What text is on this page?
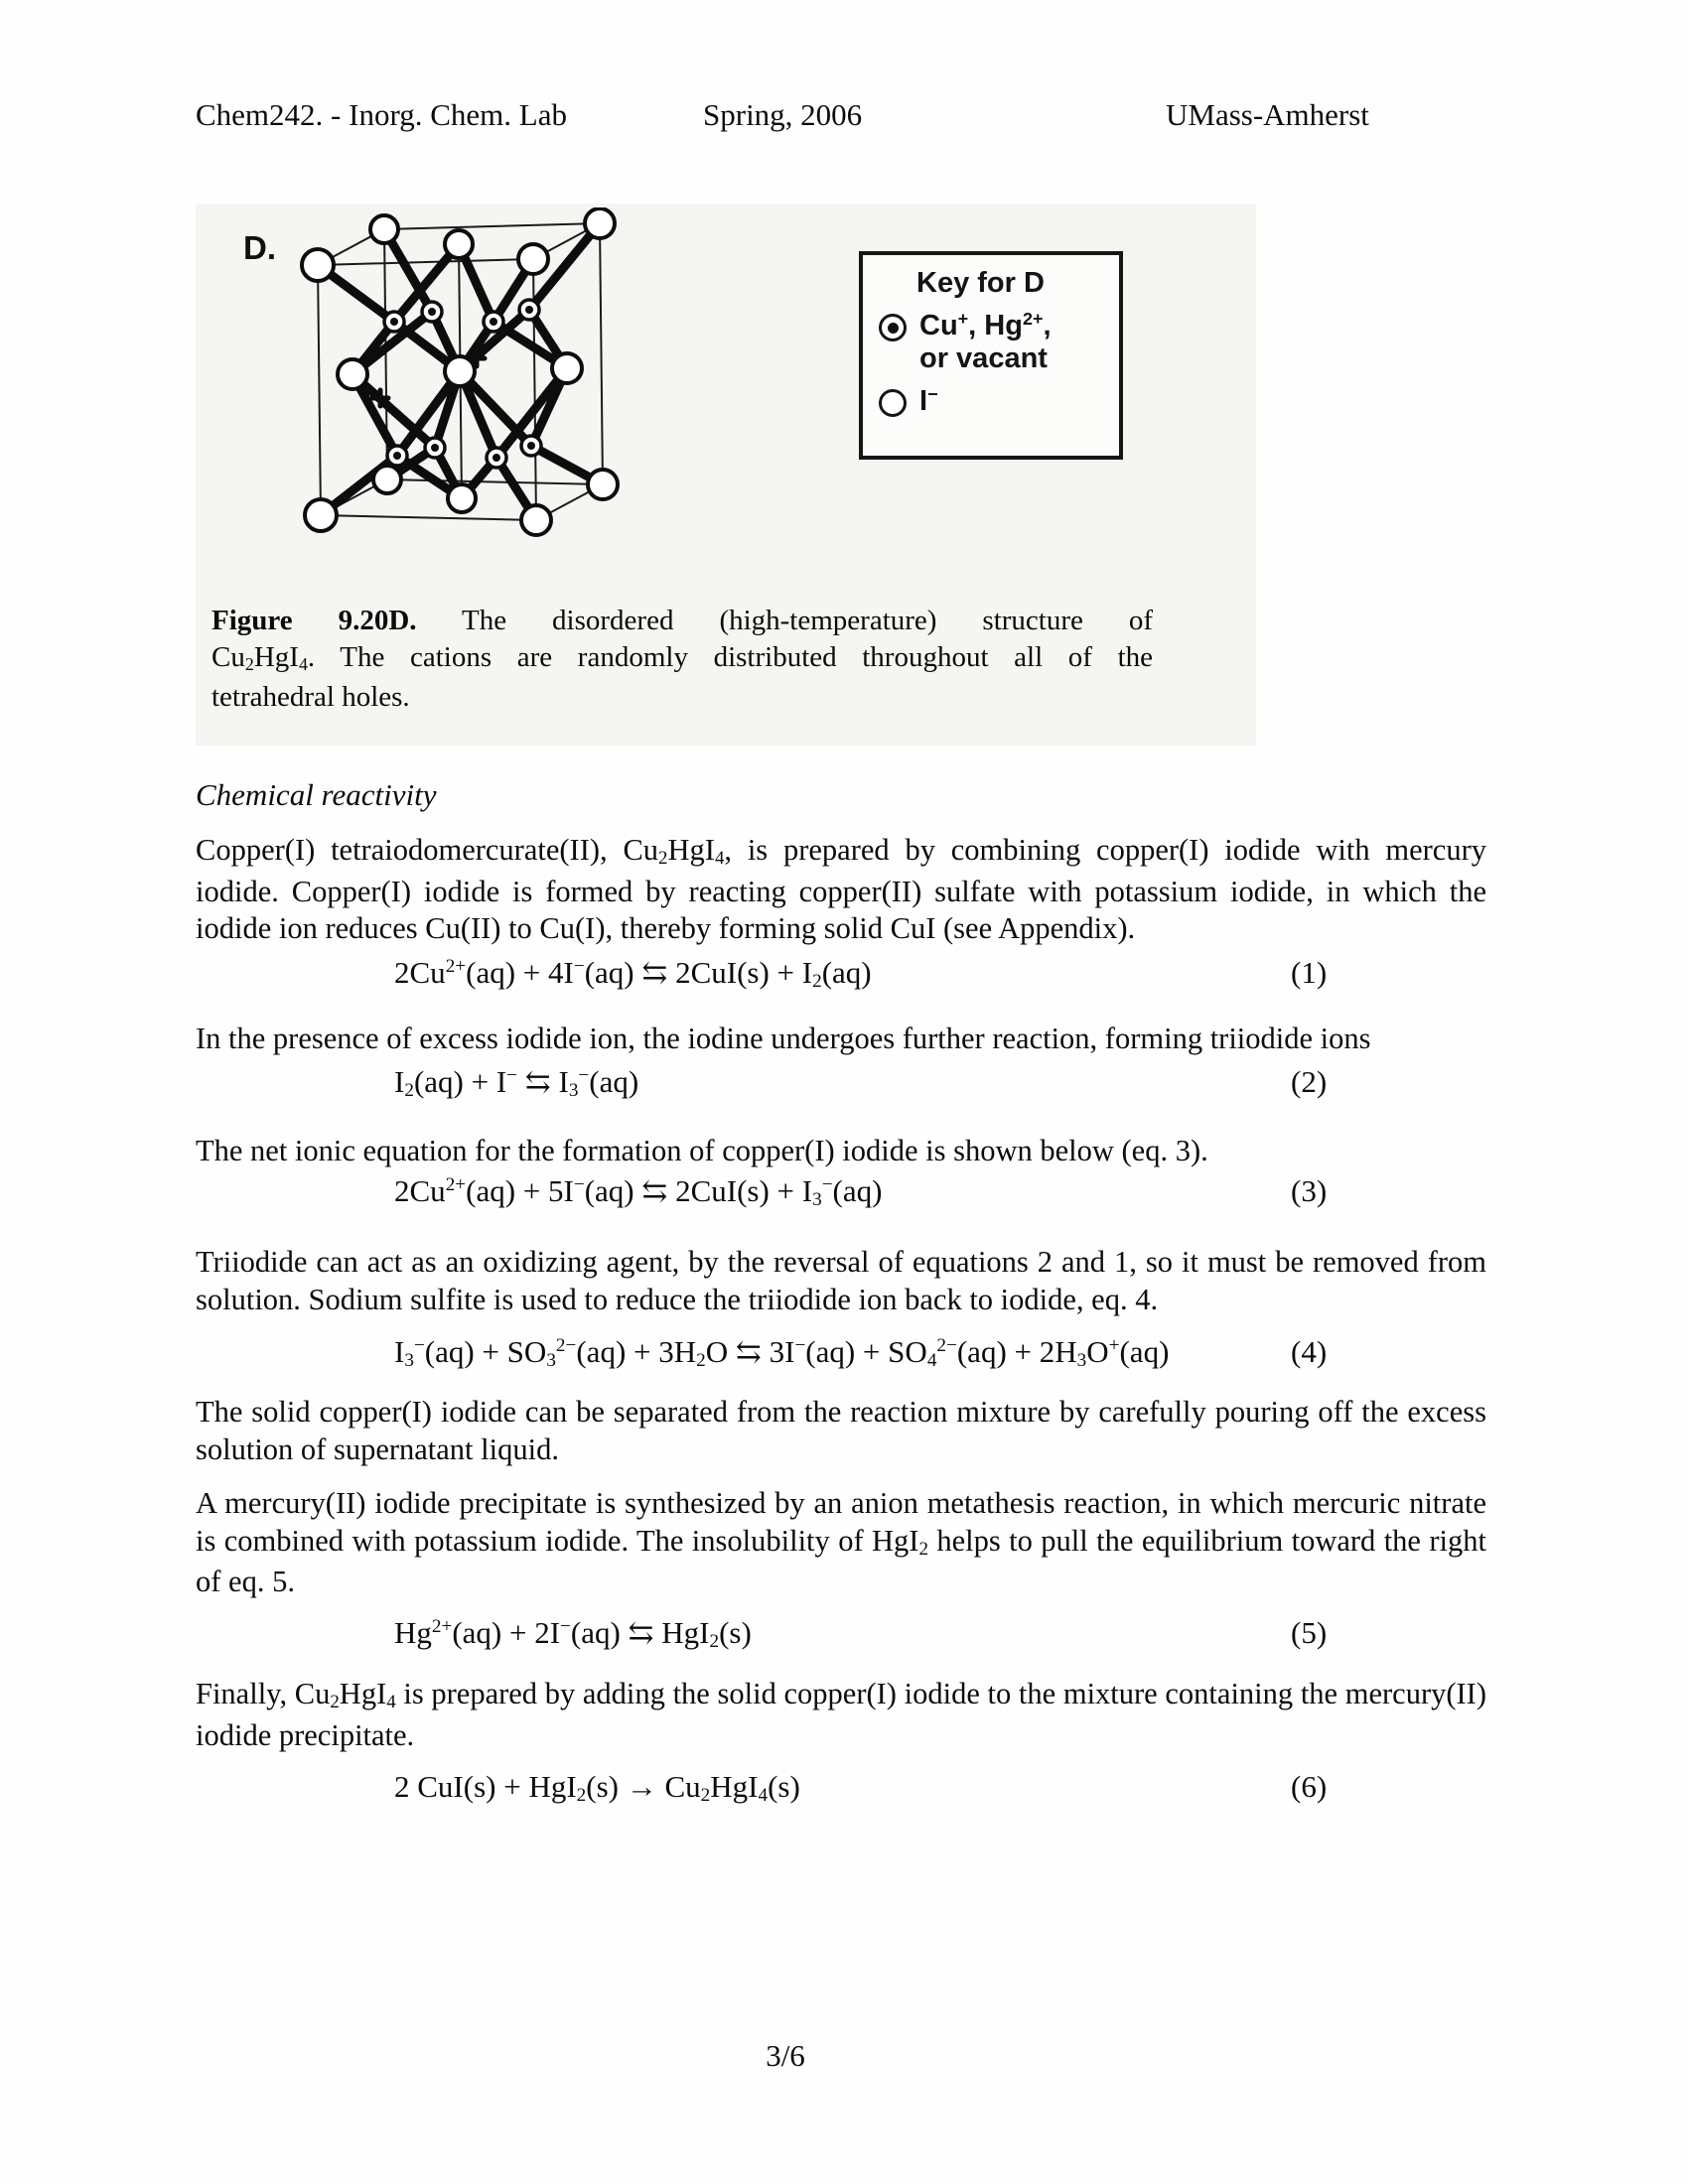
Chem242. - Inorg. Chem. Lab	Spring, 2006	UMass-Amherst
D.
Key for D
Cu+, $Hg^{2+}$,
or vacant
I−
Figure 9.20D. The disordered (high-temperature) structure of
$Cu_2HgI_4$. The cations are randomly distributed throughout all of the
tetrahedral holes.
Chemical reactivity
Copper(I) tetraiodomercurate(II), $Cu_2HgI_4$, is prepared by combining copper(I) iodide with mercury iodide. Copper(I) iodide is formed by reacting copper(II) sulfate with potassium iodide, in which the iodide ion reduces Cu(II) to Cu(I), thereby forming solid CuI (see Appendix).
$2Cu^{2+}(aq) + 4I^-(aq)$ ⇆ $2CuI(s) + I_2(aq)$	(1)
In the presence of excess iodide ion, the iodine undergoes further reaction, forming triiodide ions
$I_2(aq) + I^-$ ⇆ $I_3^-(aq)$	(2)
The net ionic equation for the formation of copper(I) iodide is shown below (eq. 3).
$2Cu^{2+}(aq) + 5I^-(aq)$ ⇆ $2CuI(s) + I_3^-(aq)$	(3)
Triiodide can act as an oxidizing agent, by the reversal of equations 2 and 1, so it must be removed from solution. Sodium sulfite is used to reduce the triiodide ion back to iodide, eq. 4.
$I_3^-(aq) + SO_3^{2-}(aq) + 3H_2O$ ⇆ $3I^-(aq) + SO_4^{2-}(aq) + 2H_3O^+(aq)$	(4)
The solid copper(I) iodide can be separated from the reaction mixture by carefully pouring off the excess solution of supernatant liquid.
A mercury(II) iodide precipitate is synthesized by an anion metathesis reaction, in which mercuric nitrate is combined with potassium iodide. The insolubility of HgI$_2$ helps to pull the equilibrium toward the right of eq. 5.
$Hg^{2+}(aq) + 2I^-(aq)$ ⇆ HgI$_2$(s)	(5)
Finally, $Cu_2HgI_4$ is prepared by adding the solid copper(I) iodide to the mixture containing the mercury(II) iodide precipitate.
2 $CuI(s) + HgI_2(s) \to Cu_2HgI_4(s)$	(6)
3/6
